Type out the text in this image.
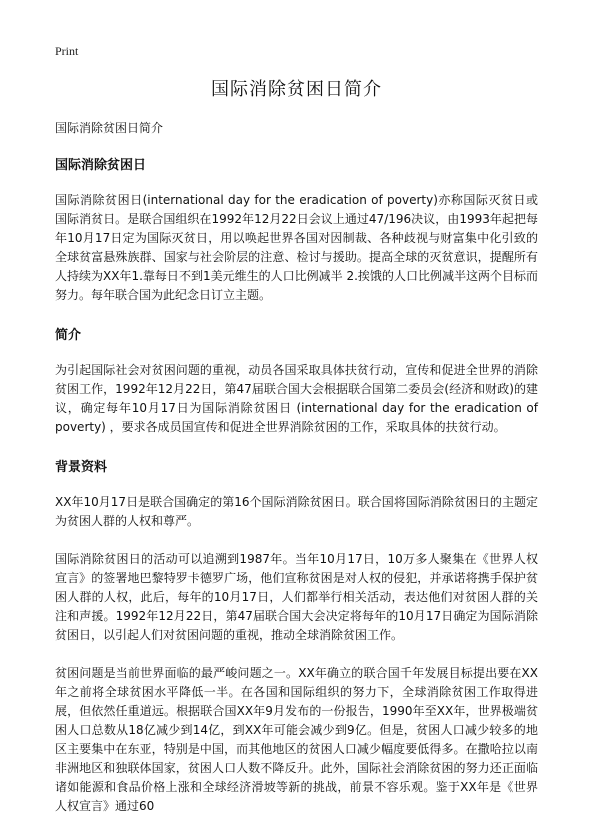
Print
国际消除贫困日简介
国际消除贫困日简介
国际消除贫困日

国际消除贫困日(international day for the eradication of poverty)亦称国际灭贫日或国际消贫日。是联合国组织在1992年12月22日会议上通过47/196决议，由1993年起把每年10月17日定为国际灭贫日，用以唤起世界各国对因制裁、各种歧视与财富集中化引致的全球贫富悬殊族群、国家与社会阶层的注意、检讨与援助。提高全球的灭贫意识，提醒所有人持续为XX年1.靠每日不到1美元维生的人口比例减半 2.挨饿的人口比例减半这两个目标而努力。每年联合国为此纪念日订立主题。

简介

为引起国际社会对贫困问题的重视，动员各国采取具体扶贫行动，宣传和促进全世界的消除贫困工作，1992年12月22日，第47届联合国大会根据联合国第二委员会(经济和财政)的建议，确定每年10月17日为国际消除贫困日 (international day for the eradication of poverty) ，要求各成员国宣传和促进全世界消除贫困的工作，采取具体的扶贫行动。

背景资料

XX年10月17日是联合国确定的第16个国际消除贫困日。联合国将国际消除贫困日的主题定为贫困人群的人权和尊严。

国际消除贫困日的活动可以追溯到1987年。当年10月17日，10万多人聚集在《世界人权宣言》的签署地巴黎特罗卡德罗广场，他们宣称贫困是对人权的侵犯，并承诺将携手保护贫困人群的人权，此后，每年的10月17日，人们都举行相关活动，表达他们对贫困人群的关注和声援。1992年12月22日，第47届联合国大会决定将每年的10月17日确定为国际消除贫困日，以引起人们对贫困问题的重视，推动全球消除贫困工作。

贫困问题是当前世界面临的最严峻问题之一。XX年确立的联合国千年发展目标提出要在XX年之前将全球贫困水平降低一半。在各国和国际组织的努力下，全球消除贫困工作取得进展，但依然任重道远。根据联合国XX年9月发布的一份报告，1990年至XX年，世界极端贫困人口总数从18亿减少到14亿，到XX年可能会减少到9亿。但是，贫困人口减少较多的地区主要集中在东亚，特别是中国，而其他地区的贫困人口减少幅度要低得多。在撒哈拉以南非洲地区和独联体国家，贫困人口人数不降反升。此外，国际社会消除贫困的努力还正面临诸如能源和食品价格上涨和全球经济滑坡等新的挑战，前景不容乐观。鉴于XX年是《世界人权宣言》通过60
